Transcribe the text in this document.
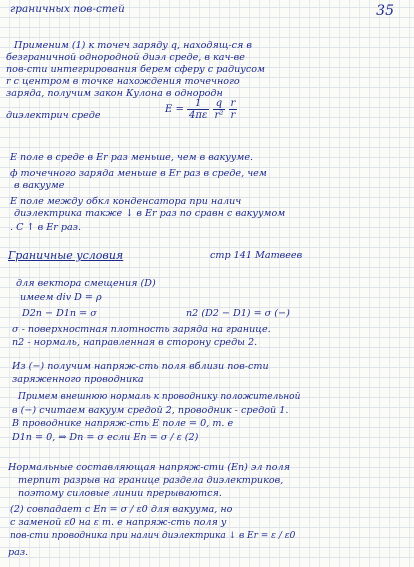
35
граничных пов-стей
Применим (1) к точеч заряду q, находящ-ся в
безграничной однородной диэл среде, в кач-ве
пов-сти интегрирования берем сферу с радиусом
r с центром в точке нахождения точечного
заряда, получим закон Кулона в однородн
диэлектрич среде
$E = \frac{1}{4\pi\varepsilon}$
$\frac{q}{\text{r²}}$
$\frac{r}{r}$
Е поле в среде в Er раз меньше, чем в вакууме.
ф точечного заряда меньше в Er раз в среде, чем
в вакууме
Е поле между обкл конденсатора при налич
диэлектрика также ↓ в Er раз по сравн с вакуумом
. С ↑ в Er раз.
Граничные условия	стр 141 Матвеев
для вектора смещения (D)
имеем div D = ρ
D2n − D1n = σ	n2 (D2 − D1) = σ (−)
σ - поверхностная плотность заряда на границе.
n2 - нормаль, направленная в сторону среды 2.
Из (−) получим напряж-сть поля вблизи пов-сти
заряженного проводника
Примем внешнюю нормаль к проводнику положительной
в (−) считаем вакуум средой 2, проводник - средой 1.
В проводнике напряж-сть Е поле = 0, т. е
D1n = 0, ⇒ Dn = σ если En = σ / ε (2)
Нормальные составляющая напряж-сти (En) эл поля
терпит разрыв на границе раздела диэлектриков,
поэтому силовые линии прерываются.
(2) совпадает с En = σ / ε0 для вакуума, но
с заменой ε0 на ε т. е напряж-сть поля у
пов-сти проводника при налич диэлектрика ↓ в Er = ε / ε0
раз.
